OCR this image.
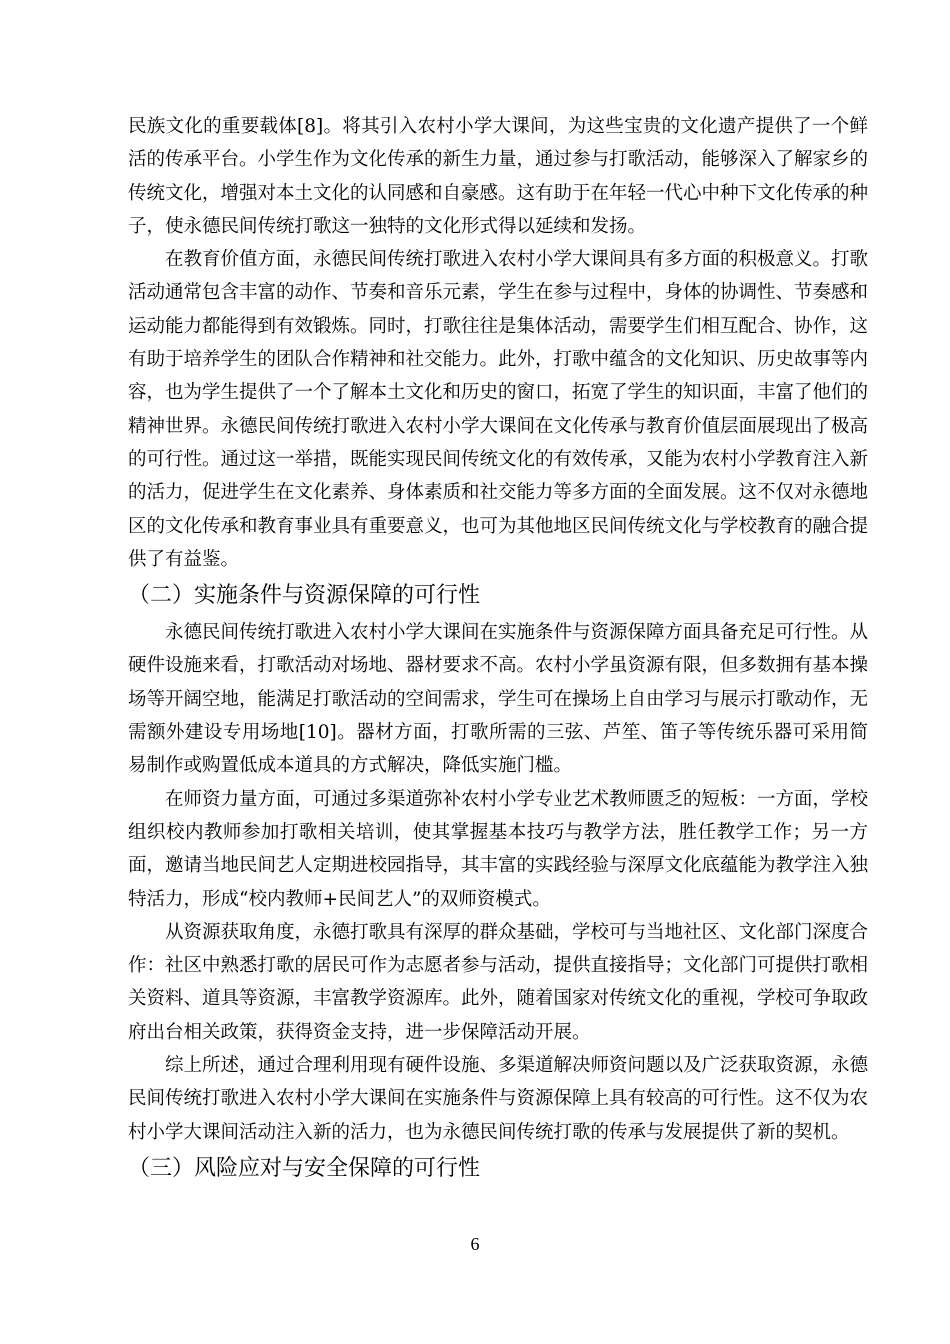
民族文化的重要载体[8]。将其引入农村小学大课间，为这些宝贵的文化遗产提供了一个鲜活的传承平台。小学生作为文化传承的新生力量，通过参与打歌活动，能够深入了解家乡的传统文化，增强对本土文化的认同感和自豪感。这有助于在年轻一代心中种下文化传承的种子，使永德民间传统打歌这一独特的文化形式得以延续和发扬。

在教育价值方面，永德民间传统打歌进入农村小学大课间具有多方面的积极意义。打歌活动通常包含丰富的动作、节奏和音乐元素，学生在参与过程中，身体的协调性、节奏感和运动能力都能得到有效锻炼。同时，打歌往往是集体活动，需要学生们相互配合、协作，这有助于培养学生的团队合作精神和社交能力。此外，打歌中蕴含的文化知识、历史故事等内容，也为学生提供了一个了解本土文化和历史的窗口，拓宽了学生的知识面，丰富了他们的精神世界。永德民间传统打歌进入农村小学大课间在文化传承与教育价值层面展现出了极高的可行性。通过这一举措，既能实现民间传统文化的有效传承，又能为农村小学教育注入新的活力，促进学生在文化素养、身体素质和社交能力等多方面的全面发展。这不仅对永德地区的文化传承和教育事业具有重要意义，也可为其他地区民间传统文化与学校教育的融合提供了有益鉴。

（二）实施条件与资源保障的可行性

永德民间传统打歌进入农村小学大课间在实施条件与资源保障方面具备充足可行性。从硬件设施来看，打歌活动对场地、器材要求不高。农村小学虽资源有限，但多数拥有基本操场等开阔空地，能满足打歌活动的空间需求，学生可在操场上自由学习与展示打歌动作，无需额外建设专用场地[10]。器材方面，打歌所需的三弦、芦笙、笛子等传统乐器可采用简易制作或购置低成本道具的方式解决，降低实施门槛。

在师资力量方面，可通过多渠道弥补农村小学专业艺术教师匮乏的短板：一方面，学校组织校内教师参加打歌相关培训，使其掌握基本技巧与教学方法，胜任教学工作；另一方面，邀请当地民间艺人定期进校园指导，其丰富的实践经验与深厚文化底蕴能为教学注入独特活力，形成“校内教师+民间艺人”的双师资模式。

从资源获取角度，永德打歌具有深厚的群众基础，学校可与当地社区、文化部门深度合作：社区中熟悉打歌的居民可作为志愿者参与活动，提供直接指导；文化部门可提供打歌相关资料、道具等资源，丰富教学资源库。此外，随着国家对传统文化的重视，学校可争取政府出台相关政策，获得资金支持，进一步保障活动开展。

综上所述，通过合理利用现有硬件设施、多渠道解决师资问题以及广泛获取资源，永德民间传统打歌进入农村小学大课间在实施条件与资源保障上具有较高的可行性。这不仅为农村小学大课间活动注入新的活力，也为永德民间传统打歌的传承与发展提供了新的契机。

（三）风险应对与安全保障的可行性
6
